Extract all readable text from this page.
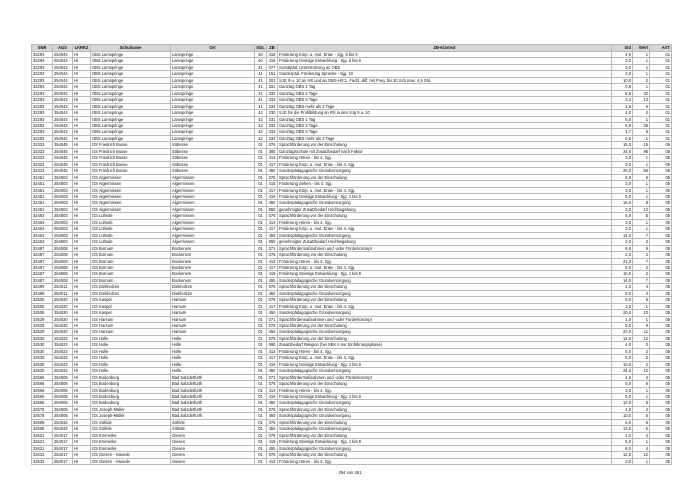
SNR	AGS	LKRKZ	Schulname	Ort	SGL	ZB	ZB-Klartext	Std	Wert	ArtT
32293	254044	HI	OBS Lamspringe	Lamspringe	40	418	Förderung Körp. u. mot. Entw. - Sjg. 5 bis 9	4,0	1	01
32293	254044	HI	OBS Lamspringe	Lamspringe	40	419	Förderung Geistige Entwicklung - Sjg. 5 bis 9	3,0	1	01
32293	254044	HI	OBS Lamspringe	Lamspringe	41	077	Sozialpäd. Unterstützung an OBS	3,0	1	01
32293	254044	HI	OBS Lamspringe	Lamspringe	41	151	Sonderpäd. Förderung Sprache - Sjg. 10	3,0	1	01
32293	254044	HI	OBS Lamspringe	Lamspringe	41	201	SJG 9 u. 10 an HS und an OBS-HS:1. Fachl.-diff. mit Freq. bis 20 Sch max. 4,5 Std.	10,0	2	01
32293	254044	HI	OBS Lamspringe	Lamspringe	41	331	Ganztag OBS 1 Tag	0,9	1	01
32293	254044	HI	OBS Lamspringe	Lamspringe	41	332	Ganztag OBS 2 Tage	5,6	32	01
32293	254044	HI	OBS Lamspringe	Lamspringe	41	333	Ganztag OBS 3 Tage	3,4	13	01
32293	254044	HI	OBS Lamspringe	Lamspringe	41	334	Ganztag OBS mehr als 3 Tage	1,6	5	01
32293	254044	HI	OBS Lamspringe	Lamspringe	42	230	SJG für die Profilbildung an RS in den SJg 9 u. 10	4,0	2	01
32293	254044	HI	OBS Lamspringe	Lamspringe	42	331	Ganztag OBS 1 Tag	0,0	1	01
32293	254044	HI	OBS Lamspringe	Lamspringe	42	332	Ganztag OBS 2 Tage	5,9	35	01
32293	254044	HI	OBS Lamspringe	Lamspringe	42	333	Ganztag OBS 3 Tage	1,7	6	01
32293	254044	HI	OBS Lamspringe	Lamspringe	42	334	Ganztag OBS mehr als 3 Tage	0,6	1	01
32323	254045	HI	GS Friedrich Busse	Söbesse	01	076	Sprachförderung vor der Einschulung	15,0	15	06
32323	254045	HI	GS Friedrich Busse	Söbesse	01	380	Ganztagsschule mit Zusatzbedarf nach Faktor	34,8	96	06
32323	254045	HI	GS Friedrich Busse	Söbesse	01	413	Förderung Hören - bis 4. Sjg.	3,0	1	06
32323	254045	HI	GS Friedrich Busse	Söbesse	01	417	Förderung Körp. u. mot. Entw. - bis 4. Sjg.	3,0	1	06
32323	254045	HI	GS Friedrich Busse	Söbesse	01	450	Sonderpädagogische Grundversorgung	20,0	50	06
32451	254003	HI	GS Algermissen	Algermissen	01	076	Sprachförderung vor der Einschulung	6,0	6	05
32451	254003	HI	GS Algermissen	Algermissen	01	415	Förderung Sehen - bis 4. Sjg.	3,0	1	05
32451	254003	HI	GS Algermissen	Algermissen	01	417	Förderung Körp. u. mot. Entw. - bis 4. Sjg.	3,0	1	05
32451	254003	HI	GS Algermissen	Algermissen	01	419	Förderung Geistige Entwicklung - Sjg. 1 bis 9	5,0	1	05
32451	254003	HI	GS Algermissen	Algermissen	01	450	Sonderpädagogische Grundversorgung	16,0	8	05
32451	254003	HI	GS Algermissen	Algermissen	01	950	genehmigter Zusatzbedarf Hochbegabung	3,0	12	05
32463	254003	HI	GS Lühnde	Algermissen	01	076	Sprachförderung vor der Einschulung	5,0	5	05
32463	254003	HI	GS Lühnde	Algermissen	01	413	Förderung Hören - bis 4. Sjg.	3,0	1	05
32463	254003	HI	GS Lühnde	Algermissen	01	417	Förderung Körp. u. mot. Entw. - bis 4. Sjg.	3,0	1	05
32463	254003	HI	GS Lühnde	Algermissen	01	450	Sonderpädagogische Grundversorgung	14,0	7	05
32463	254003	HI	GS Lühnde	Algermissen	01	950	genehmigter Zusatzbedarf Hochbegabung	2,0	2	05
32487	254008	HI	GS Bornum	Bockenem	01	071	Sprachfördermaßnahmen und -oder Förderkonzept	9,0	9	05
32487	254008	HI	GS Bornum	Bockenem	01	076	Sprachförderung vor der Einschulung	2,0	2	05
32487	254008	HI	GS Bornum	Bockenem	01	413	Förderung Hören - bis 4. Sjg.	21,0	7	05
32487	254008	HI	GS Bornum	Bockenem	01	417	Förderung Körp. u. mot. Entw. - bis 4. Sjg.	6,0	2	05
32487	254008	HI	GS Bornum	Bockenem	01	419	Förderung Geistige Entwicklung - Sjg. 1 bis 9	10,0	2	05
32487	254008	HI	GS Bornum	Bockenem	01	450	Sonderpädagogische Grundversorgung	14,0	7	05
32499	254011	HI	GS Diekholzen	Diekholzen	01	076	Sprachförderung vor der Einschulung	4,0	4	05
32499	254011	HI	GS Diekholzen	Diekholzen	01	450	Sonderpädagogische Grundversorgung	8,0	4	05
32505	254020	HI	GS Kaspel	Harsum	01	076	Sprachförderung vor der Einschulung	5,0	5	05
32505	254020	HI	GS Kaspel	Harsum	01	417	Förderung Körp. u. mot. Entw. - bis 4. Sjg.	3,0	1	05
32505	254020	HI	GS Kaspel	Harsum	01	450	Sonderpädagogische Grundversorgung	20,0	10	05
32529	254020	HI	GS Harsum	Harsum	01	071	Sprachfördermaßnahmen und -oder Förderkonzept	1,0	1	05
32529	254020	HI	GS Harsum	Harsum	01	076	Sprachförderung vor der Einschulung	9,0	9	05
32529	254020	HI	GS Harsum	Harsum	01	450	Sonderpädagogische Grundversorgung	22,0	11	05
32530	254022	HI	GS Holle	Holle	01	076	Sprachförderung vor der Einschulung	12,0	12	05
32530	254022	HI	GS Holle	Holle	01	090	Zusatzbedarf Religion (bei SEK II nur Einführungsphase)	4,0	0	05
32530	254022	HI	GS Holle	Holle	01	413	Förderung Hören - bis 4. Sjg.	6,0	2	05
32530	254022	HI	GS Holle	Holle	01	417	Förderung Körp. u. mot. Entw. - bis 4. Sjg.	6,0	2	05
32530	254022	HI	GS Holle	Holle	01	419	Förderung Geistige Entwicklung - Sjg. 1 bis 9	10,0	2	05
32530	254022	HI	GS Holle	Holle	01	450	Sonderpädagogische Grundversorgung	24,0	12	05
32566	254005	HI	GS Bodenburg	Bad Salzdetfurth	01	071	Sprachfördermaßnahmen und -oder Förderkonzept	4,0	4	05
32566	254005	HI	GS Bodenburg	Bad Salzdetfurth	01	076	Sprachförderung vor der Einschulung	6,0	6	05
32566	254005	HI	GS Bodenburg	Bad Salzdetfurth	01	413	Förderung Hören - bis 4. Sjg.	3,0	1	05
32566	254005	HI	GS Bodenburg	Bad Salzdetfurth	01	419	Förderung Geistige Entwicklung - Sjg. 1 bis 9	5,0	1	05
32566	254005	HI	GS Bodenburg	Bad Salzdetfurth	01	450	Sonderpädagogische Grundversorgung	12,0	6	05
32578	254005	HI	GS Joseph-Müller	Bad Salzdetfurth	01	076	Sprachförderung vor der Einschulung	4,0	4	05
32578	254005	HI	GS Joseph-Müller	Bad Salzdetfurth	01	450	Sonderpädagogische Grundversorgung	10,0	5	05
32608	254032	HI	GS Söhlde	Söhlde	01	076	Sprachförderung vor der Einschulung	6,0	6	05
32608	254032	HI	GS Söhlde	Söhlde	01	450	Sonderpädagogische Grundversorgung	12,0	6	05
32621	254017	HI	GS Emmerke	Giesen	01	076	Sprachförderung vor der Einschulung	4,0	4	05
32621	254017	HI	GS Emmerke	Giesen	01	419	Förderung Geistige Entwicklung - Sjg. 1 bis 9	5,0	1	05
32621	254017	HI	GS Emmerke	Giesen	01	450	Sonderpädagogische Grundversorgung	8,0	4	05
32633	254017	HI	GS Giesen - Hasede	Giesen	01	076	Sprachförderung vor der Einschulung	12,0	12	05
32633	254017	HI	GS Giesen - Hasede	Giesen	01	413	Förderung Hören - bis 4. Sjg.	3,0	1	05
294 von 451
